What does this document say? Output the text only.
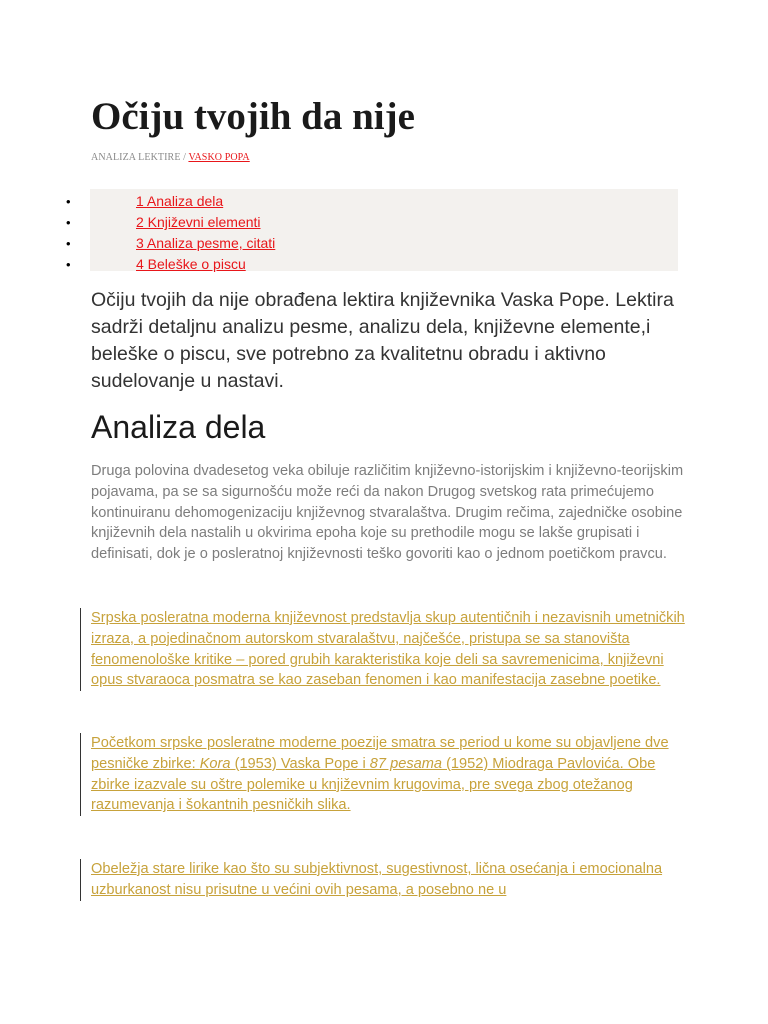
Očiju tvojih da nije
ANALIZA LEKTIRE / VASKO POPA
•	1 Analiza dela
•	2 Književni elementi
•	3 Analiza pesme, citati
•	4 Beleške o piscu

Očiju tvojih da nije obrađena lektira književnika Vaska Pope. Lektira sadrži detaljnu analizu pesme, analizu dela, književne elemente,i beleške o piscu, sve potrebno za kvalitetnu obradu i aktivno sudelovanje u nastavi.

Analiza dela

Druga polovina dvadesetog veka obiluje različitim književno-istorijskim i književno-teorijskim pojavama, pa se sa sigurnošću može reći da nakon Drugog svetskog rata primećujemo kontinuiranu dehomogenizaciju književnog stvaralaštva. Drugim rečima, zajedničke osobine književnih dela nastalih u okvirima epoha koje su prethodile mogu se lakše grupisati i definisati, dok je o posleratnoj književnosti teško govoriti kao o jednom poetičkom pravcu.

Srpska posleratna moderna književnost predstavlja skup autentičnih i nezavisnih umetničkih izraza, a pojedinačnom autorskom stvaralaštvu, najčešće, pristupa se sa stanovišta fenomenološke kritike – pored grubih karakteristika koje deli sa savremenicima, književni opus stvaraoca posmatra se kao zaseban fenomen i kao manifestacija zasebne poetike.
Početkom srpske posleratne moderne poezije smatra se period u kome su objavljene dve pesničke zbirke: Kora (1953) Vaska Pope i 87 pesama (1952) Miodraga Pavlovića. Obe zbirke izazvale su oštre polemike u književnim krugovima, pre svega zbog otežanog razumevanja i šokantnih pesničkih slika.
Obeležja stare lirike kao što su subjektivnost, sugestivnost, lična osećanja i emocionalna uzburkanost nisu prisutne u većini ovih pesama, a posebno ne u
